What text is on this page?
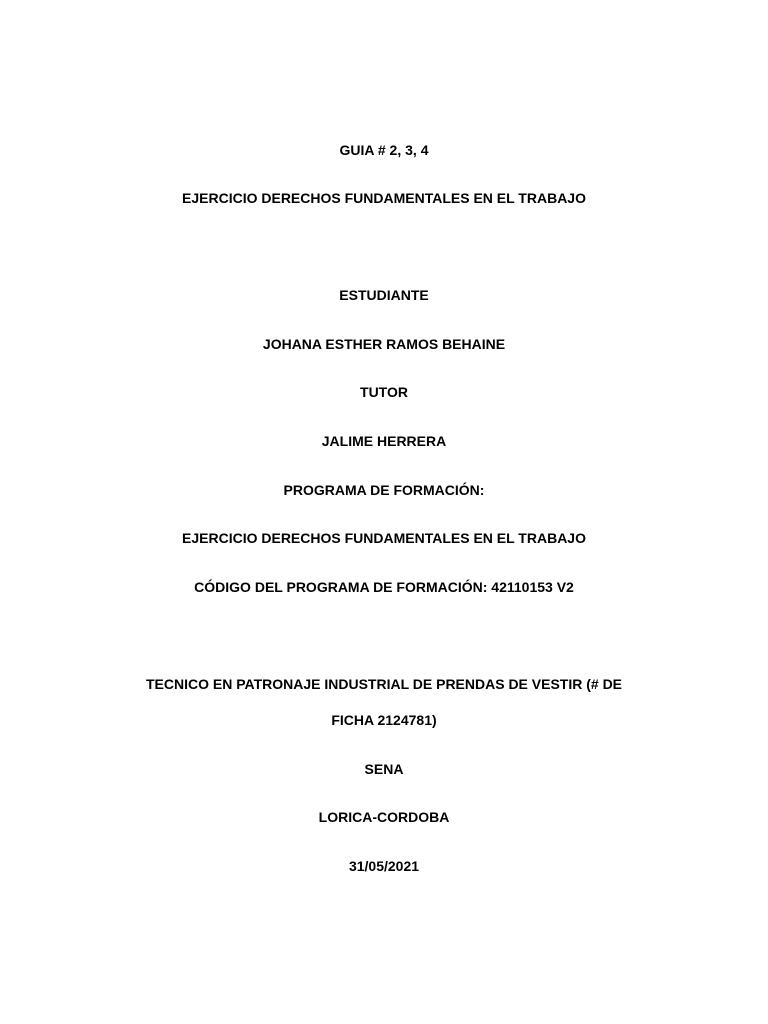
GUIA # 2, 3, 4
EJERCICIO DERECHOS FUNDAMENTALES EN EL TRABAJO
ESTUDIANTE
JOHANA ESTHER RAMOS BEHAINE
TUTOR
JALIME HERRERA
PROGRAMA DE FORMACIÓN:
EJERCICIO DERECHOS FUNDAMENTALES EN EL TRABAJO
CÓDIGO DEL PROGRAMA DE FORMACIÓN: 42110153 V2
TECNICO EN PATRONAJE INDUSTRIAL DE PRENDAS DE VESTIR (# DE
FICHA 2124781)
SENA
LORICA-CORDOBA
31/05/2021
